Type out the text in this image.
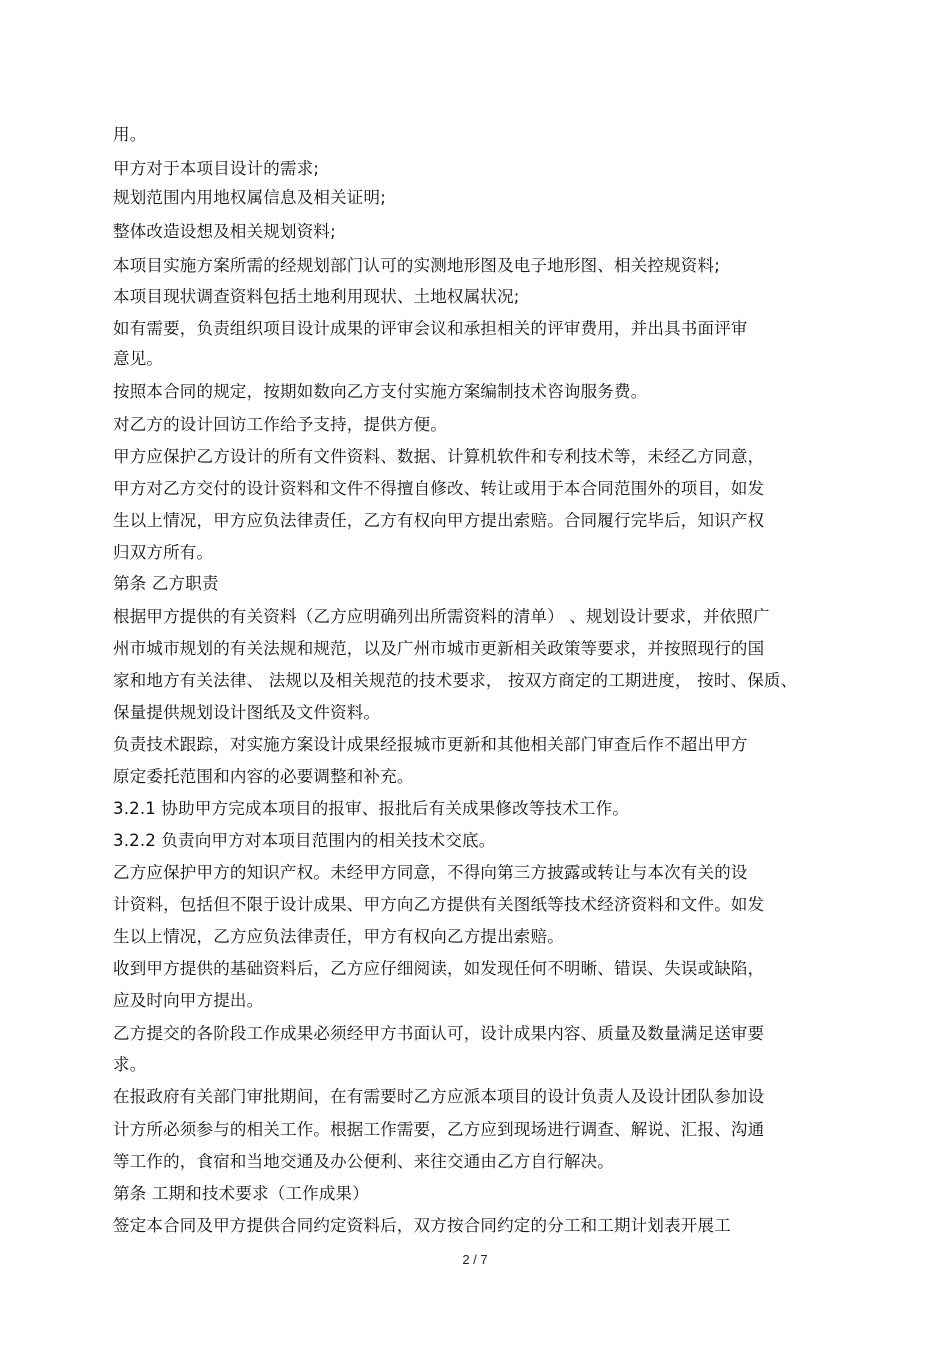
用。
甲方对于本项目设计的需求;
规划范围内用地权属信息及相关证明;
整体改造设想及相关规划资料;
本项目实施方案所需的经规划部门认可的实测地形图及电子地形图、相关控规资料;
本项目现状调查资料包括土地利用现状、土地权属状况;
如有需要，负责组织项目设计成果的评审会议和承担相关的评审费用，并出具书面评审
意见。
按照本合同的规定，按期如数向乙方支付实施方案编制技术咨询服务费。
对乙方的设计回访工作给予支持，提供方便。
甲方应保护乙方设计的所有文件资料、数据、计算机软件和专利技术等，未经乙方同意，
甲方对乙方交付的设计资料和文件不得擅自修改、转让或用于本合同范围外的项目，如发
生以上情况，甲方应负法律责任，乙方有权向甲方提出索赔。合同履行完毕后，知识产权
归双方所有。
第条 乙方职责
根据甲方提供的有关资料（乙方应明确列出所需资料的清单） 、规划设计要求，并依照广
州市城市规划的有关法规和规范，以及广州市城市更新相关政策等要求，并按照现行的国
家和地方有关法律、 法规以及相关规范的技术要求， 按双方商定的工期进度， 按时、保质、
保量提供规划设计图纸及文件资料。
负责技术跟踪，对实施方案设计成果经报城市更新和其他相关部门审查后作不超出甲方
原定委托范围和内容的必要调整和补充。
3.2.1 协助甲方完成本项目的报审、报批后有关成果修改等技术工作。
3.2.2 负责向甲方对本项目范围内的相关技术交底。
乙方应保护甲方的知识产权。未经甲方同意，不得向第三方披露或转让与本次有关的设
计资料，包括但不限于设计成果、甲方向乙方提供有关图纸等技术经济资料和文件。如发
生以上情况，乙方应负法律责任，甲方有权向乙方提出索赔。
收到甲方提供的基础资料后，乙方应仔细阅读，如发现任何不明晰、错误、失误或缺陷，
应及时向甲方提出。
乙方提交的各阶段工作成果必须经甲方书面认可，设计成果内容、质量及数量满足送审要
求。
在报政府有关部门审批期间，在有需要时乙方应派本项目的设计负责人及设计团队参加设
计方所必须参与的相关工作。根据工作需要，乙方应到现场进行调查、解说、汇报、沟通
等工作的，食宿和当地交通及办公便利、来往交通由乙方自行解决。
第条 工期和技术要求（工作成果）
签定本合同及甲方提供合同约定资料后，双方按合同约定的分工和工期计划表开展工
2 / 7
